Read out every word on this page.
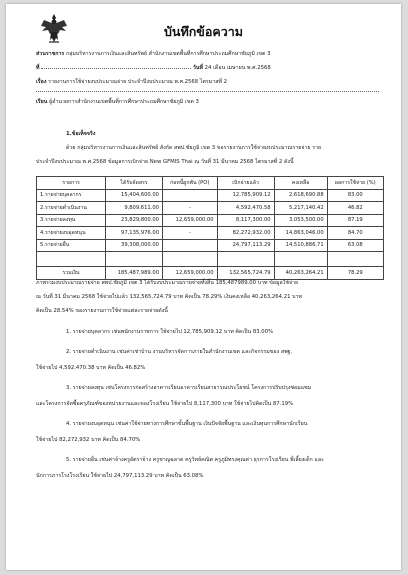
บันทึกข้อความ
ส่วนราชการ กลุ่มบริหารงานการเงินและสินทรัพย์ สำนักงานเขตพื้นที่การศึกษาประถมศึกษาชัยภูมิ เขต 3
ที่	วันที่ 24 เดือน เมษายน พ.ศ.2568
เรื่อง รายงานการใช้จ่ายงบประมาณจ่าย ประจำปีงบประมาณ พ.ศ.2568 ไตรมาสที่ 2
เรียน ผู้อำนวยการสำนักงานเขตพื้นที่การศึกษาประถมศึกษาชัยภูมิ เขต 3
1.ข้อเท็จจริง
ด้วย กลุ่มบริหารงานการเงินและสินทรัพย์ สังกัด สพป.ชัยภูมิ เขต 3 ขอรายงานการใช้จ่ายงบประมาณรายจ่าย ราย
ประจำปีงบประมาณ พ.ศ.2568 ข้อมูลการเบิกจ่าย New GFMIS Thai ณ วันที่ 31 มีนาคม 2568 ไตรมาสที่ 2 ดังนี้
รายการ	ได้รับจัดสรร	ก่อหนี้ผูกพัน (PO)	เบิกจ่ายแล้ว	คงเหลือ	ผลการใช้จ่าย (%)
1.รายจ่ายบุคลากร	15,404,600.00		12,785,909.12	2,618,690.88	83.00
2.รายจ่ายดำเนินงาน	9,809,611.00	-	4,592,470.58	5,217,140.42	46.82
3.รายจ่ายลงทุน	23,829,800.00	12,659,000.00	8,117,300.00	3,053,500.00	87.19
4.รายจ่ายงบอุดหนุน	97,135,976.00	-	82,272,932.00	14,863,046.00	84.70
5.รายจ่ายอื่น	39,308,000.00		24,797,113.29	14,510,886.71	63.08

รวมเงิน	185,487,989.00	12,659,000.00	132,565,724.79	40,263,264.21	78.29
ภาพรวมงบประมาณรายจ่าย สพป.ชัยภูมิ เขต 3 ได้รับงบประมาณรายจ่ายทั้งสิ้น 185,487989.00 บาท ข้อมูลใช้จ่าย
ณ วันที่ 31 มีนาคม 2568 ใช้จ่ายไปแล้ว 132,565,724.79 บาท คิดเป็น 78.29% เงินคงเหลือ 40,263,264.21 บาท
คิดเป็น 28.54% ของรายงานการใช้จ่ายแต่ละรายจ่ายดังนี้
1. รายจ่ายบุคลากร เช่นพนักงานราชการ ใช้จ่ายไป 12,785,909.12 บาท คิดเป็น 83.00%
2. รายจ่ายดำเนินงาน เช่นค่าเช่าบ้าน งานบริหารจัดการภายในสำนักงานเขต และกิจกรรมของ สพฐ.
ใช้จ่ายไป 4,592,470.38 บาท คิดเป็น 46.82%
3. รายจ่ายลงทุน เช่นโครงการก่อสร้างอาคารเรียนอาคารเรียนสาธารณประโยชน์ โครงการปรับปรุงซ่อมแซม
และโครงการจัดซื้อครุภัณฑ์ของหน่วยงานและของโรงเรียน ใช้จ่ายไป 8,117,300 บาท ใช้จ่ายไปคิดเป็น 87.19%
4. รายจ่ายงบอุดหนุน เช่นค่าใช้จ่ายทางการศึกษาขั้นพื้นฐาน เงินปัจจัยพื้นฐาน และเงินทุนการศึกษานักเรียน
ใช้จ่ายไป 82,272,932 บาท คิดเป็น 84.70%
5. รายจ่ายอื่น เช่นค่าจ้างครูอัตราจ้าง ครูชาญฉลาด ครูวิทย์คณิต ครูภูมิทรงคุณค่า ธุรการโรงเรียน พี่เลี้ยงเด็ก และ
นักการภารโรงโรงเรียน ใช้จ่ายไป 24,797,113.29 บาท คิดเป็น 63.08%
